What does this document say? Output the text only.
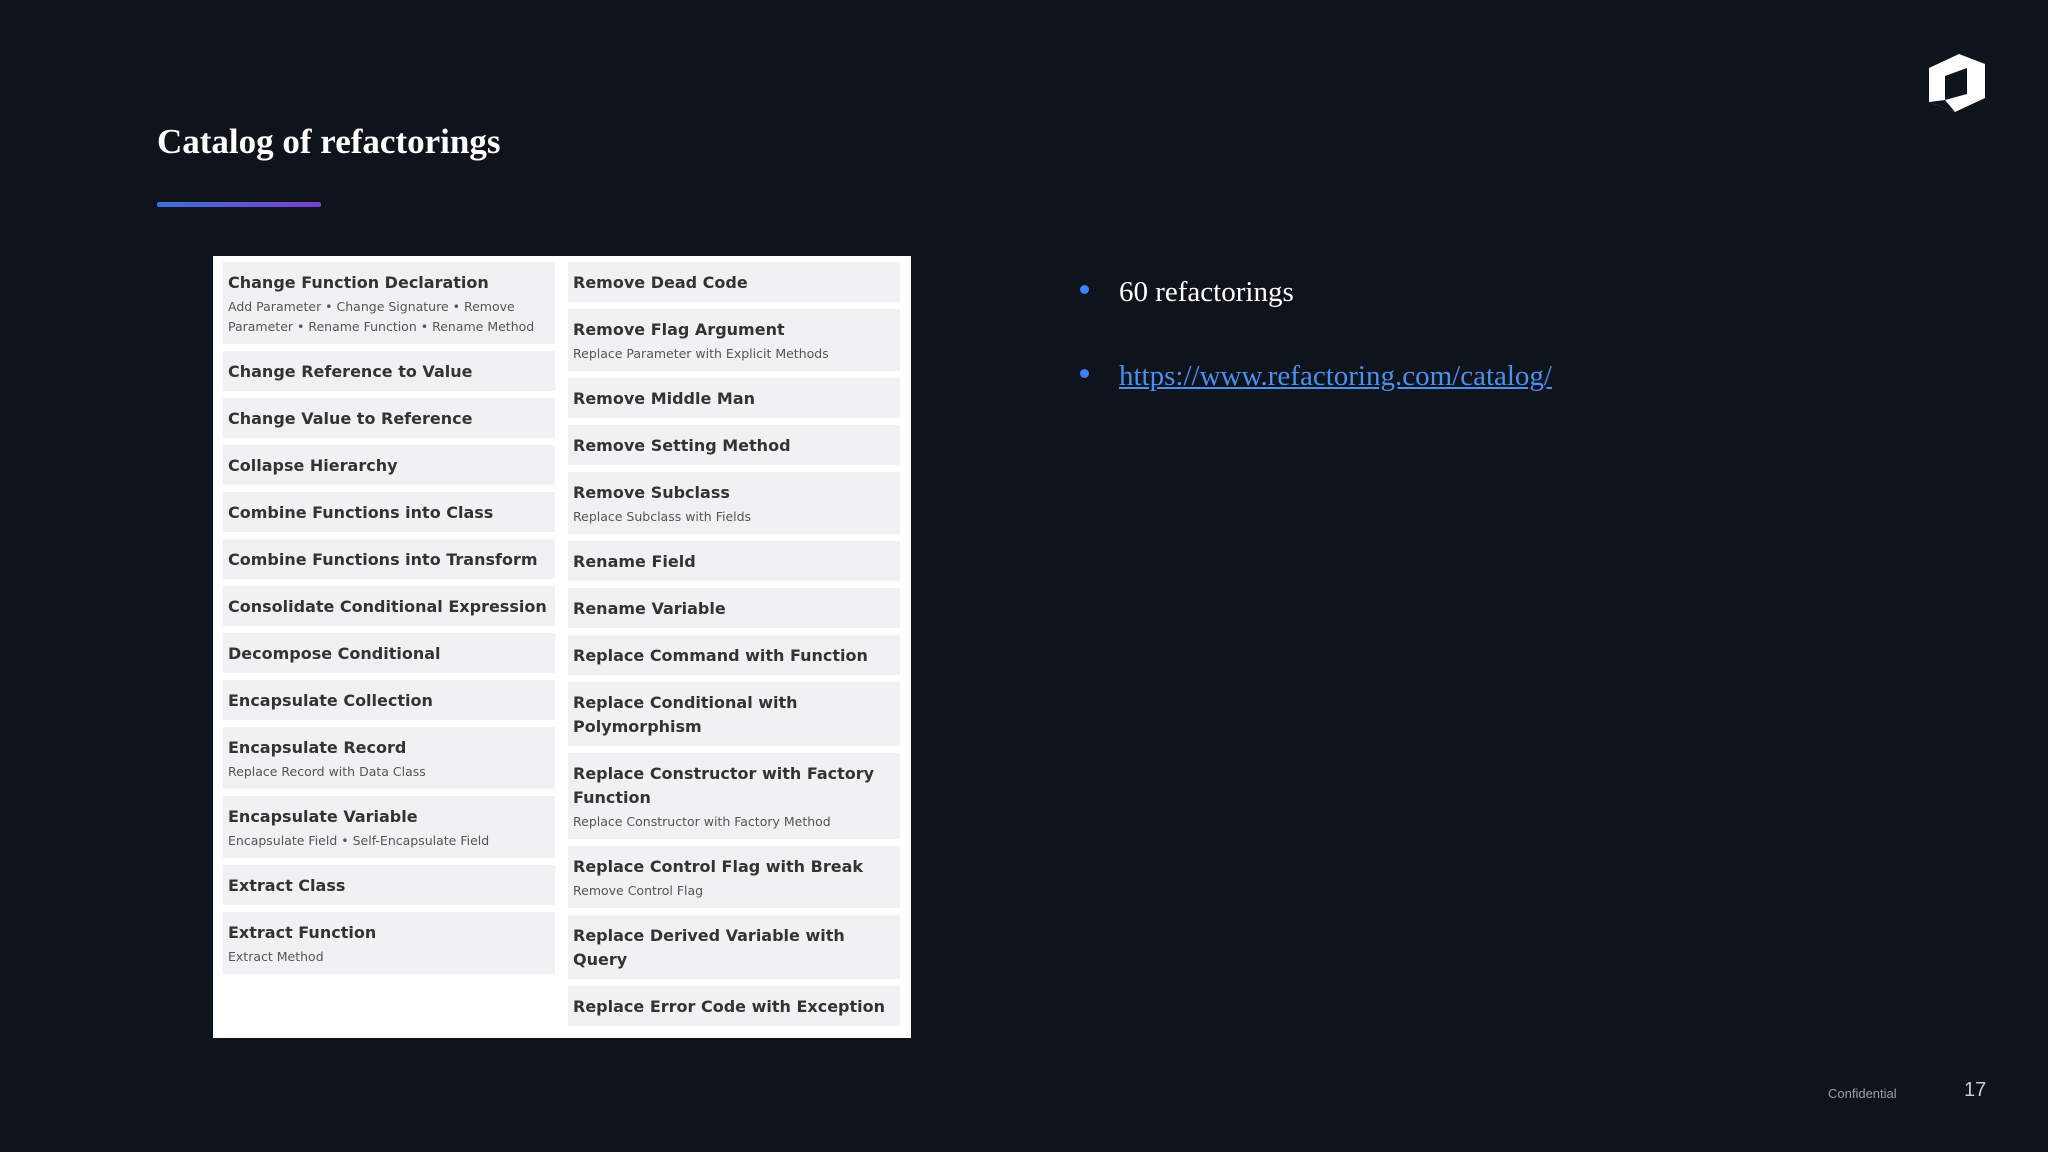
Catalog of refactorings
Change Function Declaration
Add Parameter • Change Signature • Remove Parameter • Rename Function • Rename Method
Change Reference to Value
Change Value to Reference
Collapse Hierarchy
Combine Functions into Class
Combine Functions into Transform
Consolidate Conditional Expression
Decompose Conditional
Encapsulate Collection
Encapsulate Record
Replace Record with Data Class
Encapsulate Variable
Encapsulate Field • Self-Encapsulate Field
Extract Class
Extract Function
Extract Method
Remove Dead Code
Remove Flag Argument
Replace Parameter with Explicit Methods
Remove Middle Man
Remove Setting Method
Remove Subclass
Replace Subclass with Fields
Rename Field
Rename Variable
Replace Command with Function
Replace Conditional with Polymorphism
Replace Constructor with Factory Function
Replace Constructor with Factory Method
Replace Control Flag with Break
Remove Control Flag
Replace Derived Variable with Query
Replace Error Code with Exception
60 refactorings
https://www.refactoring.com/catalog/
Confidential	17
